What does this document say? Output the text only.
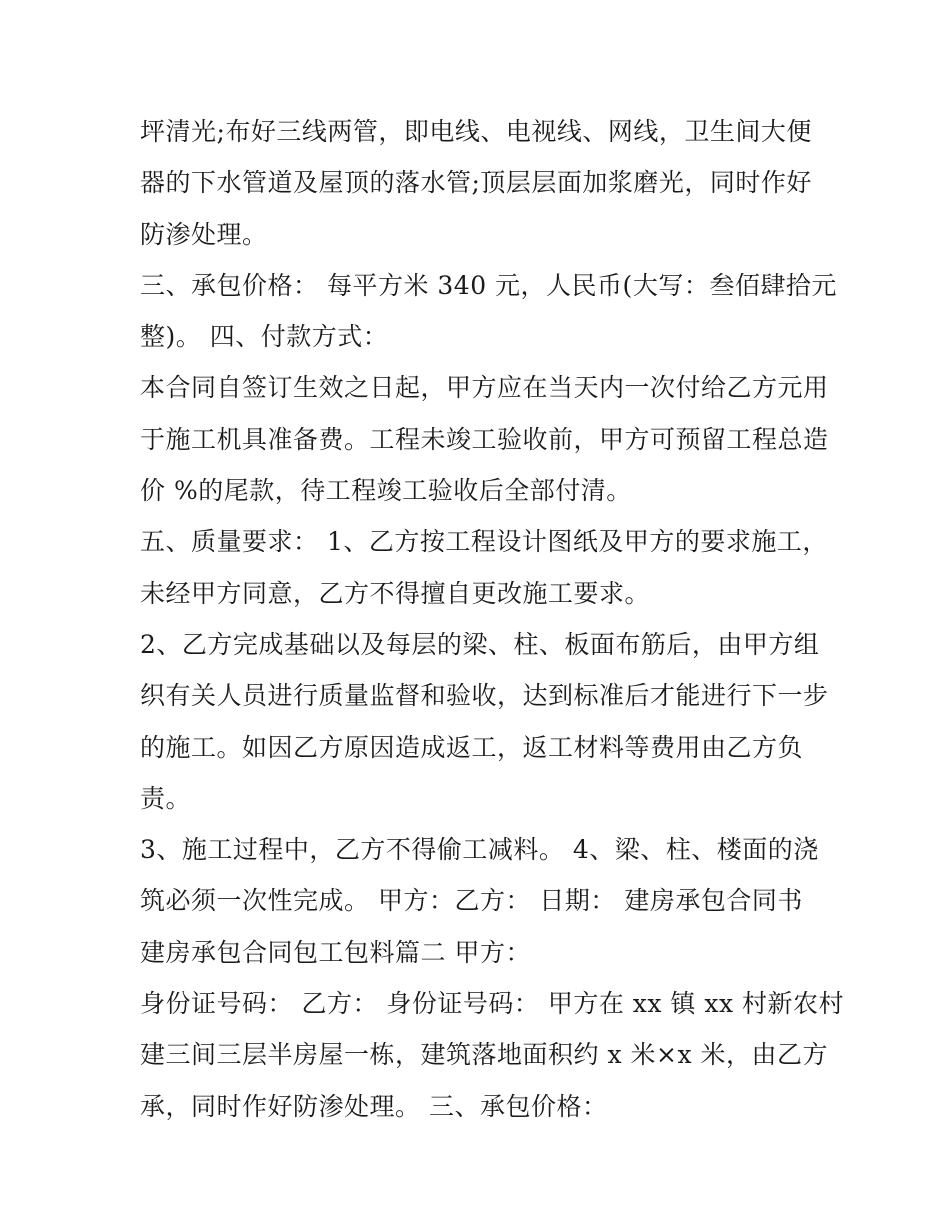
坪清光;布好三线两管，即电线、电视线、网线，卫生间大便
器的下水管道及屋顶的落水管;顶层层面加浆磨光，同时作好
防渗处理。
三、承包价格： 每平方米 340 元，人民币(大写：叁佰肆拾元
整)。 四、付款方式：
本合同自签订生效之日起，甲方应在当天内一次付给乙方元用
于施工机具准备费。工程未竣工验收前，甲方可预留工程总造
价 %的尾款，待工程竣工验收后全部付清。
五、质量要求： 1、乙方按工程设计图纸及甲方的要求施工，
未经甲方同意，乙方不得擅自更改施工要求。
2、乙方完成基础以及每层的梁、柱、板面布筋后，由甲方组
织有关人员进行质量监督和验收，达到标准后才能进行下一步
的施工。如因乙方原因造成返工，返工材料等费用由乙方负
责。
3、施工过程中，乙方不得偷工减料。 4、梁、柱、楼面的浇
筑必须一次性完成。 甲方：乙方： 日期： 建房承包合同书
建房承包合同包工包料篇二 甲方：
身份证号码： 乙方： 身份证号码： 甲方在 xx 镇 xx 村新农村
建三间三层半房屋一栋，建筑落地面积约 x 米×x 米，由乙方
承，同时作好防渗处理。 三、承包价格：
